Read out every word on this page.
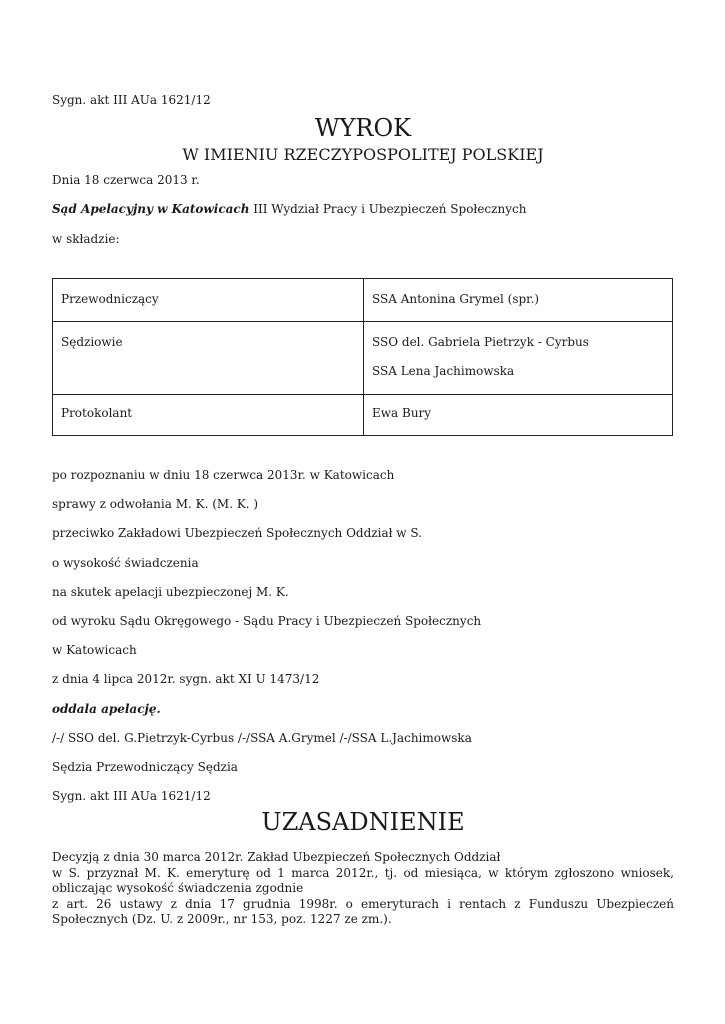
Sygn. akt III AUa 1621/12
WYROK
W IMIENIU RZECZYPOSPOLITEJ POLSKIEJ
Dnia 18 czerwca 2013 r.
Sąd Apelacyjny w Katowicach III Wydział Pracy i Ubezpieczeń Społecznych
w składzie:
Przewodniczący	SSA Antonina Grymel (spr.)

Sędziowie	SSO del. Gabriela Pietrzyk - Cyrbus
SSA Lena Jachimowska

Protokolant	Ewa Bury
po rozpoznaniu w dniu 18 czerwca 2013r. w Katowicach
sprawy z odwołania M. K. (M. K. )
przeciwko Zakładowi Ubezpieczeń Społecznych Oddział w S.
o wysokość świadczenia
na skutek apelacji ubezpieczonej M. K.
od wyroku Sądu Okręgowego - Sądu Pracy i Ubezpieczeń Społecznych
w Katowicach
z dnia 4 lipca 2012r. sygn. akt XI U 1473/12
oddala apelację.
/-/ SSO del. G.Pietrzyk-Cyrbus /-/SSA A.Grymel /-/SSA L.Jachimowska
Sędzia Przewodniczący Sędzia
Sygn. akt III AUa 1621/12
UZASADNIENIE
Decyzją z dnia 30 marca 2012r. Zakład Ubezpieczeń Społecznych Oddział
w S. przyznał M. K. emeryturę od 1 marca 2012r., tj. od miesiąca, w którym zgłoszono wniosek, obliczając wysokość świadczenia zgodnie
z art. 26 ustawy z dnia 17 grudnia 1998r. o emeryturach i rentach z Funduszu Ubezpieczeń Społecznych (Dz. U. z 2009r., nr 153, poz. 1227 ze zm.).
